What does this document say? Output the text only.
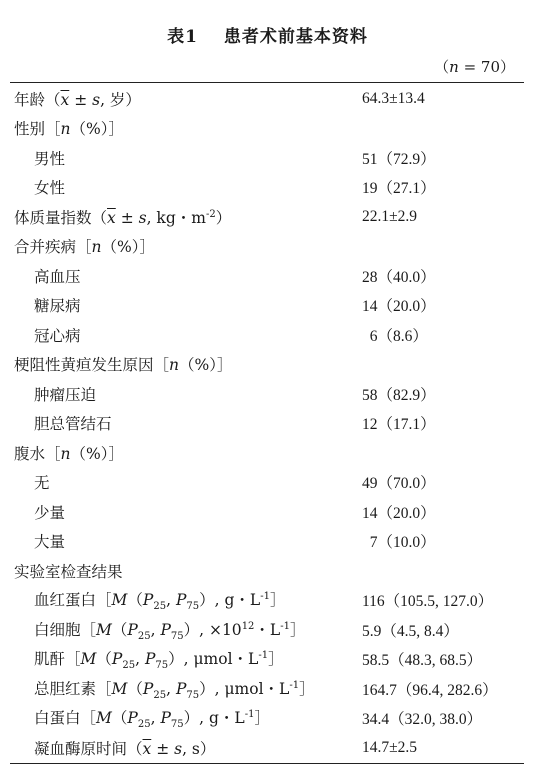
表1 患者术前基本资料
（n = 70）
年龄（$\overline{x} \pm s$, 岁）	64.3±13.4
性别［n（%）］
男性	51（72.9）
女性	19（27.1）
体质量指数（$\overline{x} \pm s$, kg・$m^{-2}$）	22.1±2.9
合并疾病［n（%）］
高血压	28（40.0）
糖尿病	14（20.0）
冠心病	6（8.6）
梗阻性黄疸发生原因［n（%）］
肿瘤压迫	58（82.9）
胆总管结石	12（17.1）
腹水［n（%）］
无	49（70.0）
少量	14（20.0）
大量	7（10.0）
实验室检查结果
血红蛋白$[M(P_{25}$, $P_{75}$）, g・$L^{-1}]$	116（105.5, 127.0）
白细胞$[M(P_{25}$, $P_{75}$）, $\times 10^{12}$・$L^{-1}]$	5.9（4.5, 8.4）
肌酐$[M(P_{25}$, $P_{75}$）, μmol・$L^{-1}]$	58.5（48.3, 68.5）
总胆红素$[M(P_{25}$, $P_{75}$）, μmol・$L^{-1}]$	164.7（96.4, 282.6）
白蛋白$[M(P_{25}$, $P_{75}$）, g・$L^{-1}]$	34.4（32.0, 38.0）
凝血酶原时间（$\overline{x} \pm s$, s）	14.7±2.5
